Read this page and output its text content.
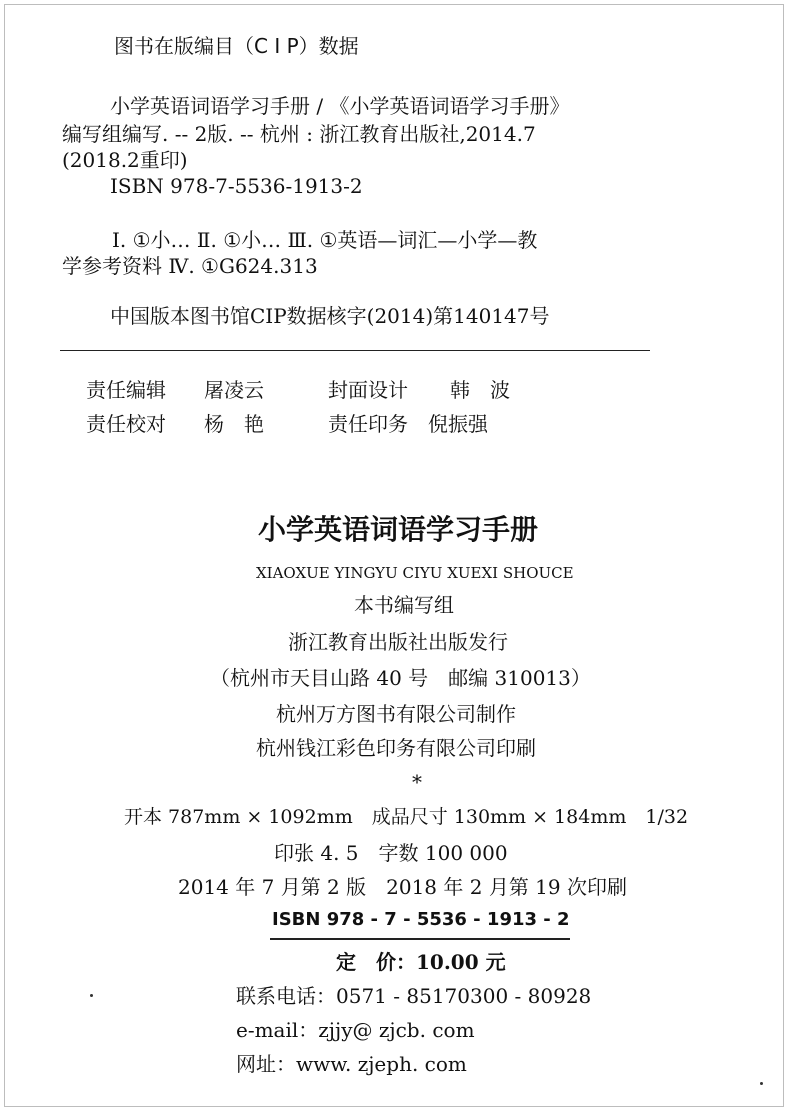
图书在版编目（C I P）数据
小学英语词语学习手册 / 《小学英语词语学习手册》
编写组编写. -- 2版. -- 杭州 : 浙江教育出版社,2014.7
(2018.2重印)
ISBN 978-7-5536-1913-2
Ⅰ. ①小… Ⅱ. ①小… Ⅲ. ①英语—词汇—小学—教
学参考资料 Ⅳ. ①G624.313
中国版本图书馆CIP数据核字(2014)第140147号
责任编辑 屠凌云	封面设计 韩　波
责任校对 杨　艳	责任印务 倪振强
小学英语词语学习手册
XIAOXUE YINGYU CIYU XUEXI SHOUCE
本书编写组
浙江教育出版社出版发行
（杭州市天目山路 40 号　邮编 310013）
杭州万方图书有限公司制作
杭州钱江彩色印务有限公司印刷
*
开本 787mm × 1092mm　成品尺寸 130mm × 184mm　1/32
印张 4. 5　字数 100 000
2014 年 7 月第 2 版　2018 年 2 月第 19 次印刷
ISBN 978 - 7 - 5536 - 1913 - 2
定　价：10.00 元
联系电话：0571 - 85170300 - 80928
e-mail：zjjy@ zjcb. com
网址：www. zjeph. com
